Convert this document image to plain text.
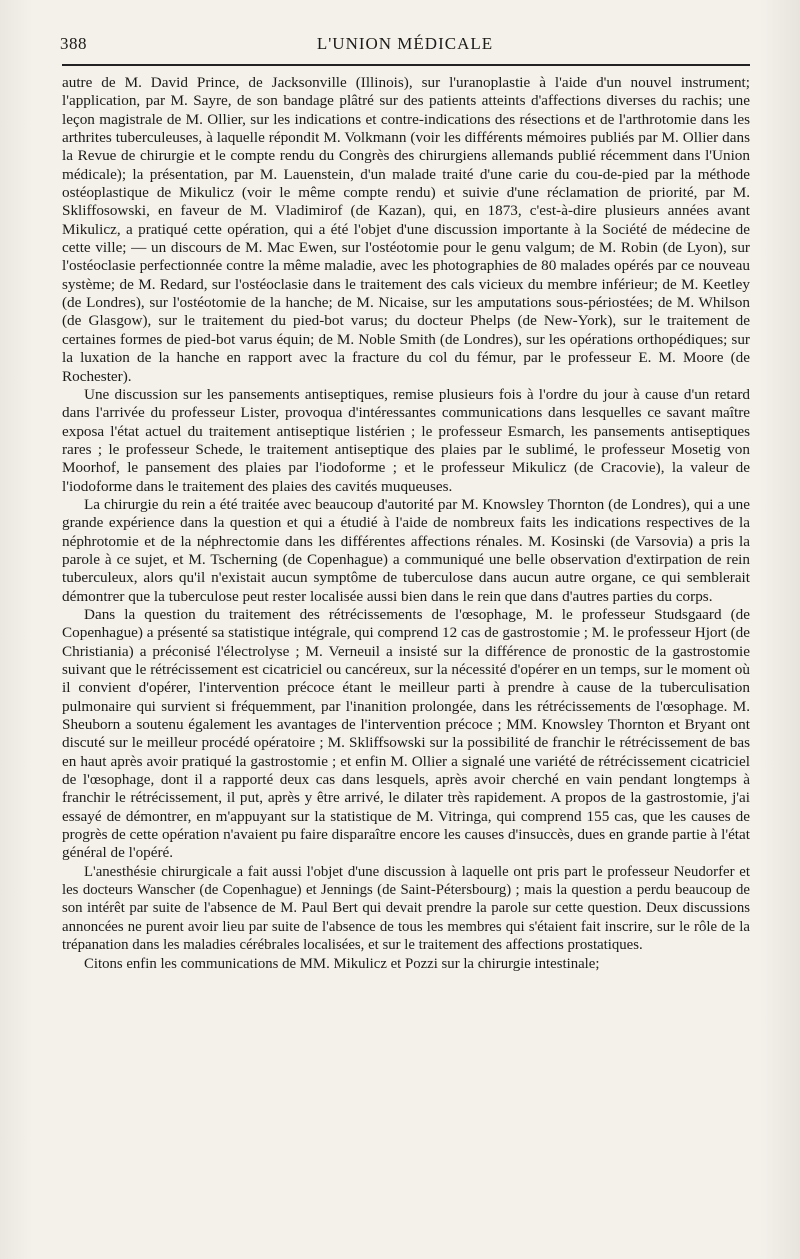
388	L'UNION MÉDICALE

autre de M. David Prince, de Jacksonville (Illinois), sur l'uranoplastie à l'aide d'un nouvel instrument; l'application, par M. Sayre, de son bandage plâtré sur des patients atteints d'affections diverses du rachis; une leçon magistrale de M. Ollier, sur les indications et contre-indications des résections et de l'arthrotomie dans les arthrites tuberculeuses, à laquelle répondit M. Volkmann (voir les différents mémoires publiés par M. Ollier dans la Revue de chirurgie et le compte rendu du Congrès des chirurgiens allemands publié récemment dans l'Union médicale); la présentation, par M. Lauenstein, d'un malade traité d'une carie du cou-de-pied par la méthode ostéoplastique de Mikulicz (voir le même compte rendu) et suivie d'une réclamation de priorité, par M. Skliffosowski, en faveur de M. Vladimirof (de Kazan), qui, en 1873, c'est-à-dire plusieurs années avant Mikulicz, a pratiqué cette opération, qui a été l'objet d'une discussion importante à la Société de médecine de cette ville; — un discours de M. Mac Ewen, sur l'ostéotomie pour le genu valgum; de M. Robin (de Lyon), sur l'ostéoclasie perfectionnée contre la même maladie, avec les photographies de 80 malades opérés par ce nouveau système; de M. Redard, sur l'ostéoclasie dans le traitement des cals vicieux du membre inférieur; de M. Keetley (de Londres), sur l'ostéotomie de la hanche; de M. Nicaise, sur les amputations sous-périostées; de M. Whilson (de Glasgow), sur le traitement du pied-bot varus; du docteur Phelps (de New-York), sur le traitement de certaines formes de pied-bot varus équin; de M. Noble Smith (de Londres), sur les opérations orthopédiques; sur la luxation de la hanche en rapport avec la fracture du col du fémur, par le professeur E. M. Moore (de Rochester).

Une discussion sur les pansements antiseptiques, remise plusieurs fois à l'ordre du jour à cause d'un retard dans l'arrivée du professeur Lister, provoqua d'intéressantes communications dans lesquelles ce savant maître exposa l'état actuel du traitement antiseptique listérien ; le professeur Esmarch, les pansements antiseptiques rares ; le professeur Schede, le traitement antiseptique des plaies par le sublimé, le professeur Mosetig von Moorhof, le pansement des plaies par l'iodoforme ; et le professeur Mikulicz (de Cracovie), la valeur de l'iodoforme dans le traitement des plaies des cavités muqueuses.

La chirurgie du rein a été traitée avec beaucoup d'autorité par M. Knowsley Thornton (de Londres), qui a une grande expérience dans la question et qui a étudié à l'aide de nombreux faits les indications respectives de la néphrotomie et de la néphrectomie dans les différentes affections rénales. M. Kosinski (de Varsovia) a pris la parole à ce sujet, et M. Tscherning (de Copenhague) a communiqué une belle observation d'extirpation de rein tuberculeux, alors qu'il n'existait aucun symptôme de tuberculose dans aucun autre organe, ce qui semblerait démontrer que la tuberculose peut rester localisée aussi bien dans le rein que dans d'autres parties du corps.

Dans la question du traitement des rétrécissements de l'œsophage, M. le professeur Studsgaard (de Copenhague) a présenté sa statistique intégrale, qui comprend 12 cas de gastrostomie ; M. le professeur Hjort (de Christiania) a préconisé l'électrolyse ; M. Verneuil a insisté sur la différence de pronostic de la gastrostomie suivant que le rétrécissement est cicatriciel ou cancéreux, sur la nécessité d'opérer en un temps, sur le moment où il convient d'opérer, l'intervention précoce étant le meilleur parti à prendre à cause de la tuberculisation pulmonaire qui survient si fréquemment, par l'inanition prolongée, dans les rétrécissements de l'œsophage. M. Sheuborn a soutenu également les avantages de l'intervention précoce ; MM. Knowsley Thornton et Bryant ont discuté sur le meilleur procédé opératoire ; M. Skliffsowski sur la possibilité de franchir le rétrécissement de bas en haut après avoir pratiqué la gastrostomie ; et enfin M. Ollier a signalé une variété de rétrécissement cicatriciel de l'œsophage, dont il a rapporté deux cas dans lesquels, après avoir cherché en vain pendant longtemps à franchir le rétrécissement, il put, après y être arrivé, le dilater très rapidement. A propos de la gastrostomie, j'ai essayé de démontrer, en m'appuyant sur la statistique de M. Vitringa, qui comprend 155 cas, que les causes de progrès de cette opération n'avaient pu faire disparaître encore les causes d'insuccès, dues en grande partie à l'état général de l'opéré.

L'anesthésie chirurgicale a fait aussi l'objet d'une discussion à laquelle ont pris part le professeur Neudorfer et les docteurs Wanscher (de Copenhague) et Jennings (de Saint-Pétersbourg) ; mais la question a perdu beaucoup de son intérêt par suite de l'absence de M. Paul Bert qui devait prendre la parole sur cette question. Deux discussions annoncées ne purent avoir lieu par suite de l'absence de tous les membres qui s'étaient fait inscrire, sur le rôle de la trépanation dans les maladies cérébrales localisées, et sur le traitement des affections prostatiques.

Citons enfin les communications de MM. Mikulicz et Pozzi sur la chirurgie intestinale;
